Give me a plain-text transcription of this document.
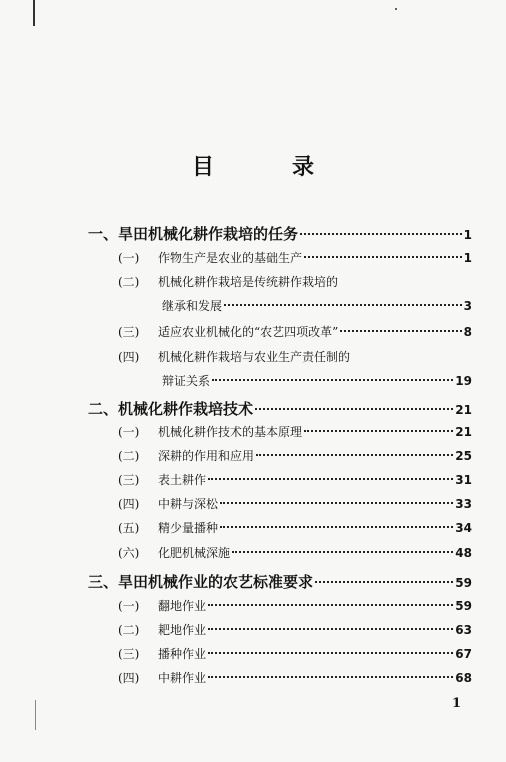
目　录
一、旱田机械化耕作栽培的任务	1
(一) 作物生产是农业的基础生产	1
(二) 机械化耕作栽培是传统耕作栽培的
继承和发展	3
(三) 适应农业机械化的“农艺四项改革”	8
(四) 机械化耕作栽培与农业生产责任制的
辩证关系	19
二、机械化耕作栽培技术	21
(一) 机械化耕作技术的基本原理	21
(二) 深耕的作用和应用	25
(三) 表土耕作	31
(四) 中耕与深松	33
(五) 精少量播种	34
(六) 化肥机械深施	48
三、旱田机械作业的农艺标准要求	59
(一) 翻地作业	59
(二) 耙地作业	63
(三) 播种作业	67
(四) 中耕作业	68
1
